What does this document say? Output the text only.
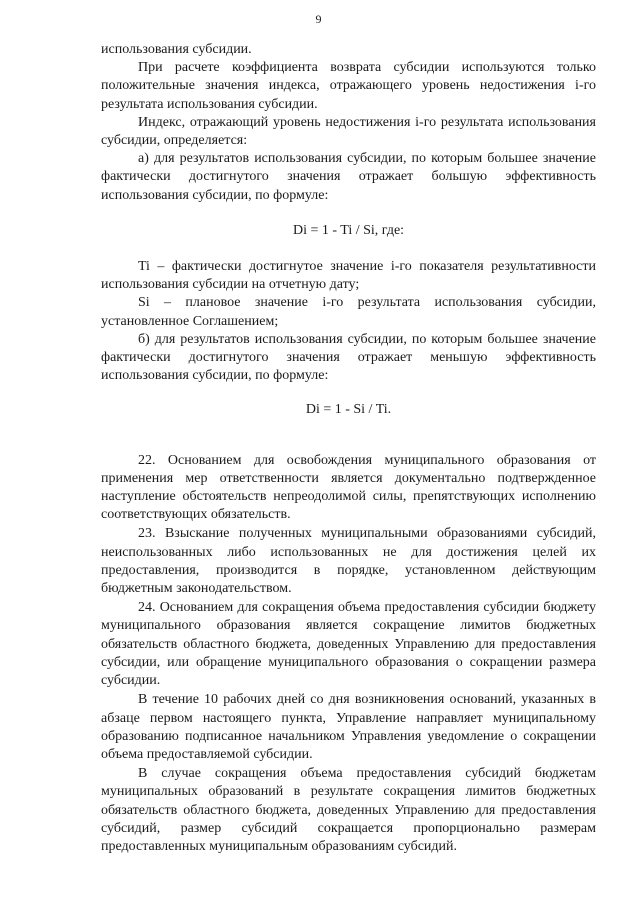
9

использования субсидии.

При расчете коэффициента возврата субсидии используются только положительные значения индекса, отражающего уровень недостижения i-го результата использования субсидии.

Индекс, отражающий уровень недостижения i-го результата использования субсидии, определяется:

а) для результатов использования субсидии, по которым большее значение фактически достигнутого значения отражает большую эффективность использования субсидии, по формуле:

Di = 1 - Ti / Si, где:

Ti – фактически достигнутое значение i-го показателя результативности использования субсидии на отчетную дату;

Si – плановое значение i-го результата использования субсидии, установленное Соглашением;

б) для результатов использования субсидии, по которым большее значение фактически достигнутого значения отражает меньшую эффективность использования субсидии, по формуле:

Di = 1 - Si / Ti.

22. Основанием для освобождения муниципального образования от применения мер ответственности является документально подтвержденное наступление обстоятельств непреодолимой силы, препятствующих исполнению соответствующих обязательств.

23. Взыскание полученных муниципальными образованиями субсидий, неиспользованных либо использованных не для достижения целей их предоставления, производится в порядке, установленном действующим бюджетным законодательством.

24. Основанием для сокращения объема предоставления субсидии бюджету муниципального образования является сокращение лимитов бюджетных обязательств областного бюджета, доведенных Управлению для предоставления субсидии, или обращение муниципального образования о сокращении размера субсидии.

В течение 10 рабочих дней со дня возникновения оснований, указанных в абзаце первом настоящего пункта, Управление направляет муниципальному образованию подписанное начальником Управления уведомление о сокращении объема предоставляемой субсидии.

В случае сокращения объема предоставления субсидий бюджетам муниципальных образований в результате сокращения лимитов бюджетных обязательств областного бюджета, доведенных Управлению для предоставления субсидий, размер субсидий сокращается пропорционально размерам предоставленных муниципальным образованиям субсидий.
